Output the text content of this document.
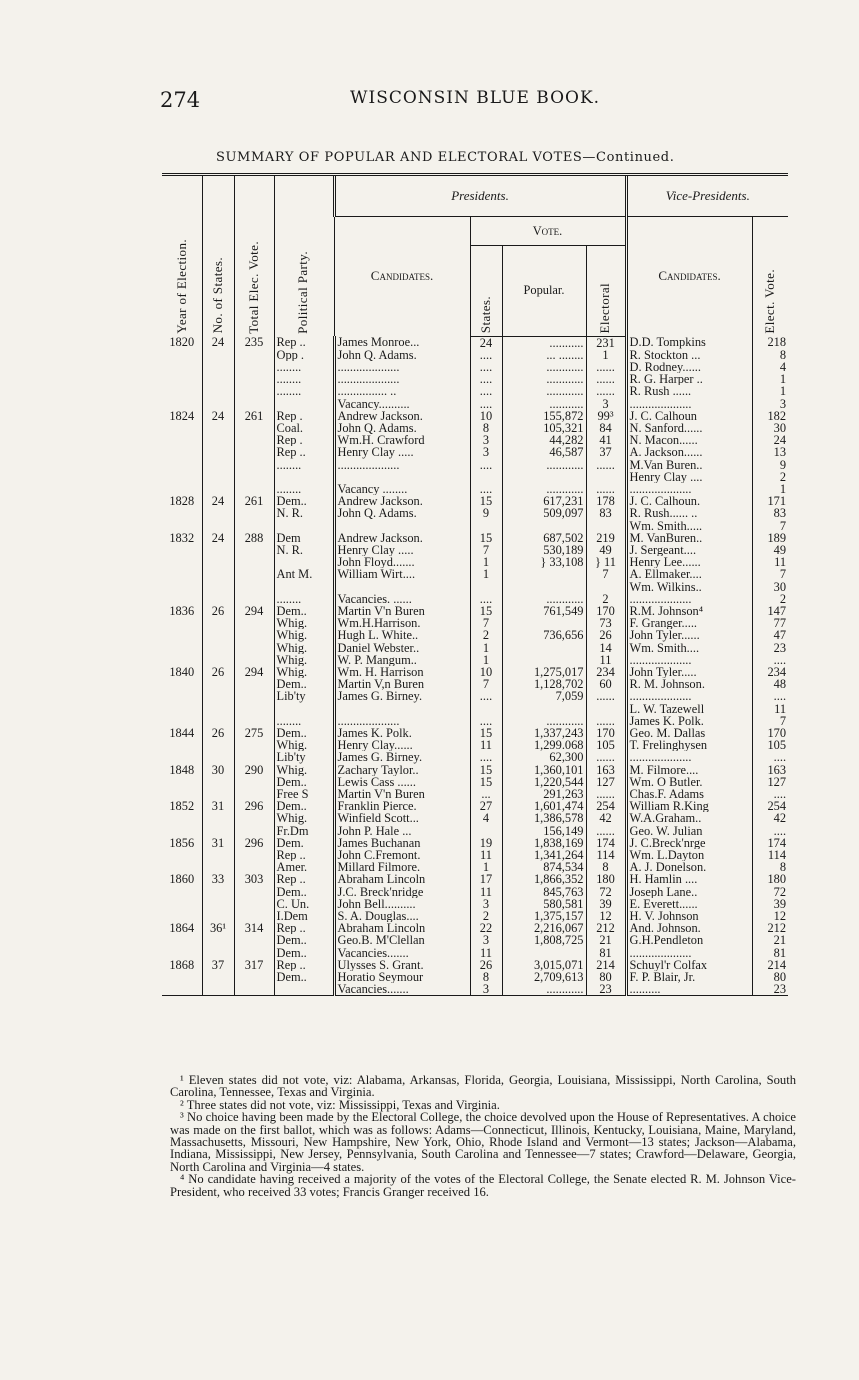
274	WISCONSIN BLUE BOOK.
SUMMARY OF POPULAR AND ELECTORAL VOTES—Continued.
Year of Election.	No. of States.	Total Elec. Vote.	Political Party.	Presidents.				Vice-Presidents.	
				Candidates.	Vote.			Candidates.	Elect. Vote.
					States.	Popular.	Electoral		
1820	24	235	Rep ..	James Monroe...	24	...........	231	D.D. Tompkins	218
			Opp .	John Q. Adams.	....	... ........	1	R. Stockton ...	8
			........	....................	....	............	......	D. Rodney......	4
			........	....................	....	............	......	R. G. Harper ..	1
			........	................ ..	....	............	......	R. Rush ......	1
				Vacancy..........	....	...........	3	....................	3
1824	24	261	Rep .	Andrew Jackson.	10	155,872	99³	J. C. Calhoun	182
			Coal.	John Q. Adams.	8	105,321	84	N. Sanford......	30
			Rep .	Wm.H. Crawford	3	44,282	41	N. Macon......	24
			Rep ..	Henry Clay .....	3	46,587	37	A. Jackson......	13
			........	....................	....	............	......	M.Van Buren..	9
								Henry Clay ....	2
			........	Vacancy ........	....	............	......	....................	1
1828	24	261	Dem..	Andrew Jackson.	15	617,231	178	J. C. Calhoun.	171
			N. R.	John Q. Adams.	9	509,097	83	R. Rush...... ..	83
								Wm. Smith.....	7
1832	24	288	Dem	Andrew Jackson.	15	687,502	219	M. VanBuren..	189
			N. R.	Henry Clay .....	7	530,189	49	J. Sergeant....	49
				John Floyd.......	1	} 33,108	} 11	Henry Lee......	11
			Ant M.	William Wirt....	1		7	A. Ellmaker....	7
								Wm. Wilkins..	30
			........	Vacancies. ......	....	............	2	....................	2
1836	26	294	Dem..	Martin V'n Buren	15	761,549	170	R.M. Johnson⁴	147
			Whig.	Wm.H.Harrison.	7		73	F. Granger.....	77
			Whig.	Hugh L. White..	2	736,656	26	John Tyler......	47
			Whig.	Daniel Webster..	1		14	Wm. Smith....	23
			Whig.	W. P. Mangum..	1		11	....................	....
1840	26	294	Whig.	Wm. H. Harrison	10	1,275,017	234	John Tyler.....	234
			Dem..	Martin V,n Buren	7	1,128,702	60	R. M. Johnson.	48
			Lib'ty	James G. Birney.	....	7,059	......	....................	....
								L. W. Tazewell	11
			........	....................	....	............	......	James K. Polk.	7
1844	26	275	Dem..	James K. Polk.	15	1,337,243	170	Geo. M. Dallas	170
			Whig.	Henry Clay......	11	1,299.068	105	T. Frelinghysen	105
			Lib'ty	James G. Birney.	....	62,300	......	....................	....
1848	30	290	Whig.	Zachary Taylor..	15	1,360,101	163	M. Filmore....	163
			Dem..	Lewis Cass ......	15	1,220,544	127	Wm. O Butler.	127
			Free S	Martin V'n Buren	...	291,263	......	Chas.F. Adams	....
1852	31	296	Dem..	Franklin Pierce.	27	1,601,474	254	William R.King	254
			Whig.	Winfield Scott...	4	1,386,578	42	W.A.Graham..	42
			Fr.Dm	John P. Hale ...		156,149	......	Geo. W. Julian	....
1856	31	296	Dem.	James Buchanan	19	1,838,169	174	J. C.Breck'nrge	174
			Rep ..	John C.Fremont.	11	1,341,264	114	Wm. L.Dayton	114
			Amer.	Millard Filmore.	1	874,534	8	A. J. Donelson.	8
1860	33	303	Rep ..	Abraham Lincoln	17	1,866,352	180	H. Hamlin ....	180
			Dem..	J.C. Breck'nridge	11	845,763	72	Joseph Lane..	72
			C. Un.	John Bell..........	3	580,581	39	E. Everett......	39
			I.Dem	S. A. Douglas....	2	1,375,157	12	H. V. Johnson	12
1864	36¹	314	Rep ..	Abraham Lincoln	22	2,216,067	212	And. Johnson.	212
			Dem..	Geo.B. M'Clellan	3	1,808,725	21	G.H.Pendleton	21
			Dem..	Vacancies.......	11		81	....................	81
1868	37	317	Rep ..	Ulysses S. Grant.	26	3,015,071	214	Schuyl'r Colfax	214
			Dem..	Horatio Seymour	8	2,709,613	80	F. P. Blair, Jr.	80
				Vacancies.......	3	............	23	..........	23

¹ Eleven states did not vote, viz: Alabama, Arkansas, Florida, Georgia, Louisiana, Mississippi, North Carolina, South Carolina, Tennessee, Texas and Virginia.

² Three states did not vote, viz: Mississippi, Texas and Virginia.

³ No choice having been made by the Electoral College, the choice devolved upon the House of Representatives. A choice was made on the first ballot, which was as follows: Adams—Connecticut, Illinois, Kentucky, Louisiana, Maine, Maryland, Massachusetts, Missouri, New Hampshire, New York, Ohio, Rhode Island and Vermont—13 states; Jackson—Alabama, Indiana, Mississippi, New Jersey, Pennsylvania, South Carolina and Tennessee—7 states; Crawford—Delaware, Georgia, North Carolina and Virginia—4 states.

⁴ No candidate having received a majority of the votes of the Electoral College, the Senate elected R. M. Johnson Vice-President, who received 33 votes; Francis Granger received 16.
